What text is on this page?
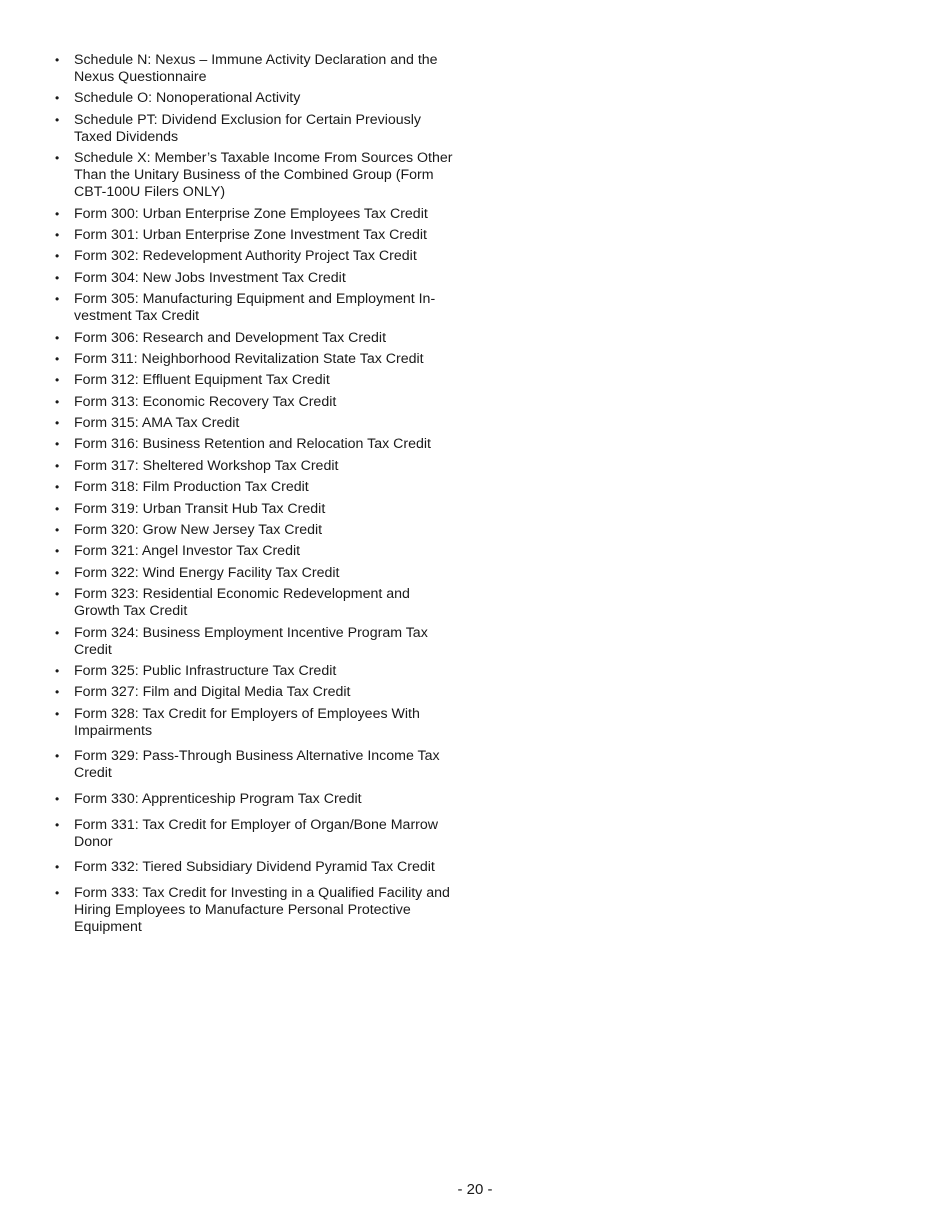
•	Schedule N: Nexus – Immune Activity Declaration and the Nexus Questionnaire
•	Schedule O: Nonoperational Activity
•	Schedule PT: Dividend Exclusion for Certain Previously Taxed Dividends
•	Schedule X: Member’s Taxable Income From Sources Other Than the Unitary Business of the Combined Group (Form CBT-100U Filers ONLY)
•	Form 300: Urban Enterprise Zone Employees Tax Credit
•	Form 301: Urban Enterprise Zone Investment Tax Credit
•	Form 302: Redevelopment Authority Project Tax Credit
•	Form 304: New Jobs Investment Tax Credit
•	Form 305: Manufacturing Equipment and Employment In-vestment Tax Credit
•	Form 306: Research and Development Tax Credit
•	Form 311: Neighborhood Revitalization State Tax Credit
•	Form 312: Effluent Equipment Tax Credit
•	Form 313: Economic Recovery Tax Credit
•	Form 315: AMA Tax Credit
•	Form 316: Business Retention and Relocation Tax Credit
•	Form 317: Sheltered Workshop Tax Credit
•	Form 318: Film Production Tax Credit
•	Form 319: Urban Transit Hub Tax Credit
•	Form 320: Grow New Jersey Tax Credit
•	Form 321: Angel Investor Tax Credit
•	Form 322: Wind Energy Facility Tax Credit
•	Form 323: Residential Economic Redevelopment and Growth Tax Credit
•	Form 324: Business Employment Incentive Program Tax Credit
•	Form 325: Public Infrastructure Tax Credit
•	Form 327: Film and Digital Media Tax Credit
•	Form 328: Tax Credit for Employers of Employees With Impairments
•	Form 329: Pass-Through Business Alternative Income Tax Credit
•	Form 330: Apprenticeship Program Tax Credit
•	Form 331: Tax Credit for Employer of Organ/Bone Marrow Donor
•	Form 332: Tiered Subsidiary Dividend Pyramid Tax Credit
•	Form 333: Tax Credit for Investing in a Qualified Facility and Hiring Employees to Manufacture Personal Protective Equipment
- 20 -
